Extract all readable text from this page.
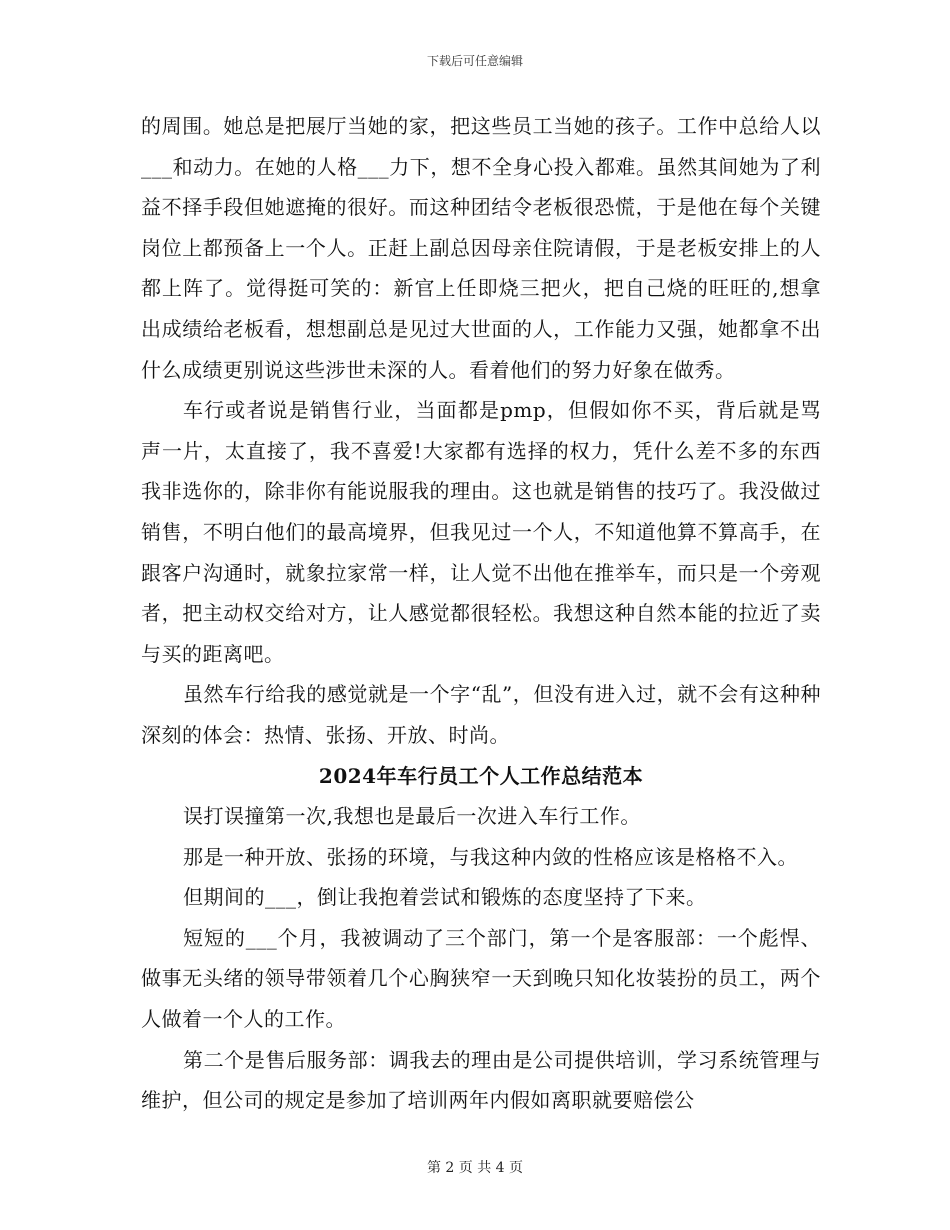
下载后可任意编辑

的周围。她总是把展厅当她的家，把这些员工当她的孩子。工作中总给人以___和动力。在她的人格___力下，想不全身心投入都难。虽然其间她为了利益不择手段但她遮掩的很好。而这种团结令老板很恐慌，于是他在每个关键岗位上都预备上一个人。正赶上副总因母亲住院请假，于是老板安排上的人都上阵了。觉得挺可笑的：新官上任即烧三把火，把自己烧的旺旺的,想拿出成绩给老板看，想想副总是见过大世面的人，工作能力又强，她都拿不出什么成绩更别说这些涉世未深的人。看着他们的努力好象在做秀。

车行或者说是销售行业，当面都是pmp，但假如你不买，背后就是骂声一片，太直接了，我不喜爱!大家都有选择的权力，凭什么差不多的东西我非选你的，除非你有能说服我的理由。这也就是销售的技巧了。我没做过销售，不明白他们的最高境界，但我见过一个人，不知道他算不算高手，在跟客户沟通时，就象拉家常一样，让人觉不出他在推举车，而只是一个旁观者，把主动权交给对方，让人感觉都很轻松。我想这种自然本能的拉近了卖与买的距离吧。

虽然车行给我的感觉就是一个字“乱”，但没有进入过，就不会有这种种深刻的体会：热情、张扬、开放、时尚。

2024年车行员工个人工作总结范本

误打误撞第一次,我想也是最后一次进入车行工作。

那是一种开放、张扬的环境，与我这种内敛的性格应该是格格不入。

但期间的___，倒让我抱着尝试和锻炼的态度坚持了下来。

短短的___个月，我被调动了三个部门，第一个是客服部：一个彪悍、做事无头绪的领导带领着几个心胸狭窄一天到晚只知化妆装扮的员工，两个人做着一个人的工作。

第二个是售后服务部：调我去的理由是公司提供培训，学习系统管理与维护，但公司的规定是参加了培训两年内假如离职就要赔偿公

第 2 页 共 4 页
